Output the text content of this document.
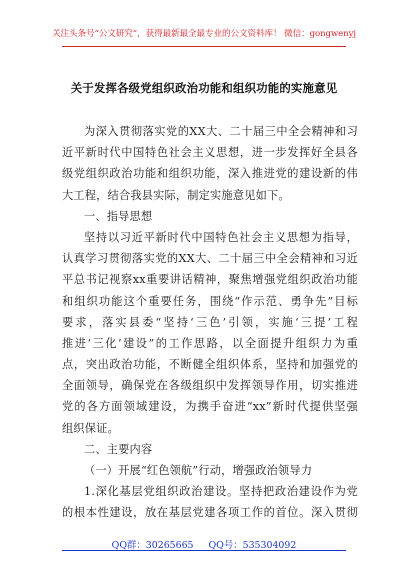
关注头条号“公文研究”，获得最新最全最专业的公文资料库！ 微信：gongwenyj
关于发挥各级党组织政治功能和组织功能的实施意见
为深入贯彻落实党的XX大、二十届三中全会精神和习
近平新时代中国特色社会主义思想，进一步发挥好全县各
级党组织政治功能和组织功能，深入推进党的建设新的伟
大工程，结合我县实际，制定实施意见如下。
一、指导思想
坚持以习近平新时代中国特色社会主义思想为指导，
认真学习贯彻落实党的XX大、二十届三中全会精神和习近
平总书记视察xx重要讲话精神，聚焦增强党组织政治功能
和组织功能这个重要任务，围绕“作示范、勇争先”目标
要求，落实县委“坚持‘三色’引领，实施‘三提’工程
推进‘三化’建设”的工作思路，以全面提升组织力为重
点，突出政治功能，不断健全组织体系，坚持和加强党的
全面领导，确保党在各级组织中发挥领导作用，切实推进
党的各方面领域建设，为携手奋进“xx”新时代提供坚强
组织保证。
二、主要内容
（一）开展“红色领航”行动，增强政治领导力
1.深化基层党组织政治建设。坚持把政治建设作为党
的根本性建设，放在基层党建各项工作的首位。深入贯彻
QQ群：30265665 QQ号：535304092
